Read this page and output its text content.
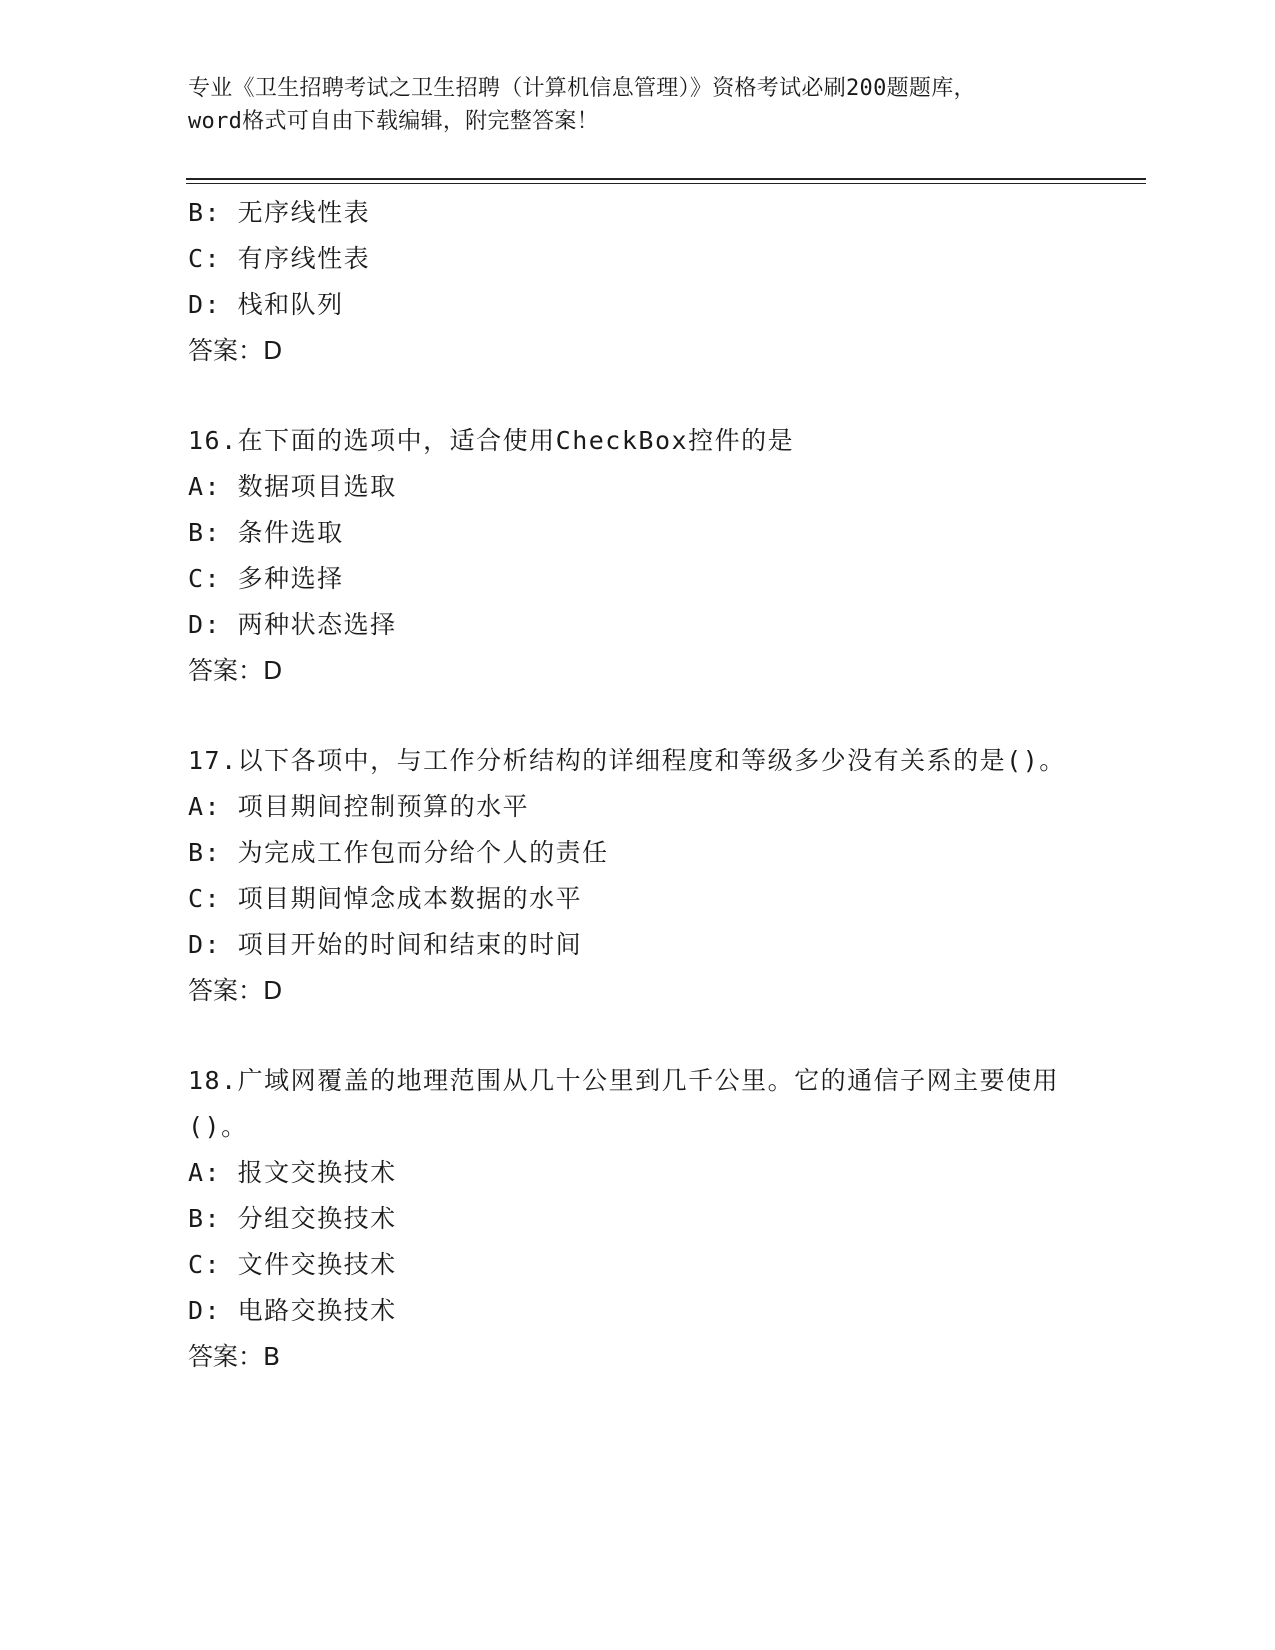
专业《卫生招聘考试之卫生招聘（计算机信息管理）》资格考试必刷200题题库，
word格式可自由下载编辑，附完整答案！
B: 无序线性表
C: 有序线性表
D: 栈和队列
答案：D
16.在下面的选项中，适合使用CheckBox控件的是
A: 数据项目选取
B: 条件选取
C: 多种选择
D: 两种状态选择
答案：D
17.以下各项中，与工作分析结构的详细程度和等级多少没有关系的是()。
A: 项目期间控制预算的水平
B: 为完成工作包而分给个人的责任
C: 项目期间悼念成本数据的水平
D: 项目开始的时间和结束的时间
答案：D
18.广域网覆盖的地理范围从几十公里到几千公里。它的通信子网主要使用()。
A: 报文交换技术
B: 分组交换技术
C: 文件交换技术
D: 电路交换技术
答案：B
